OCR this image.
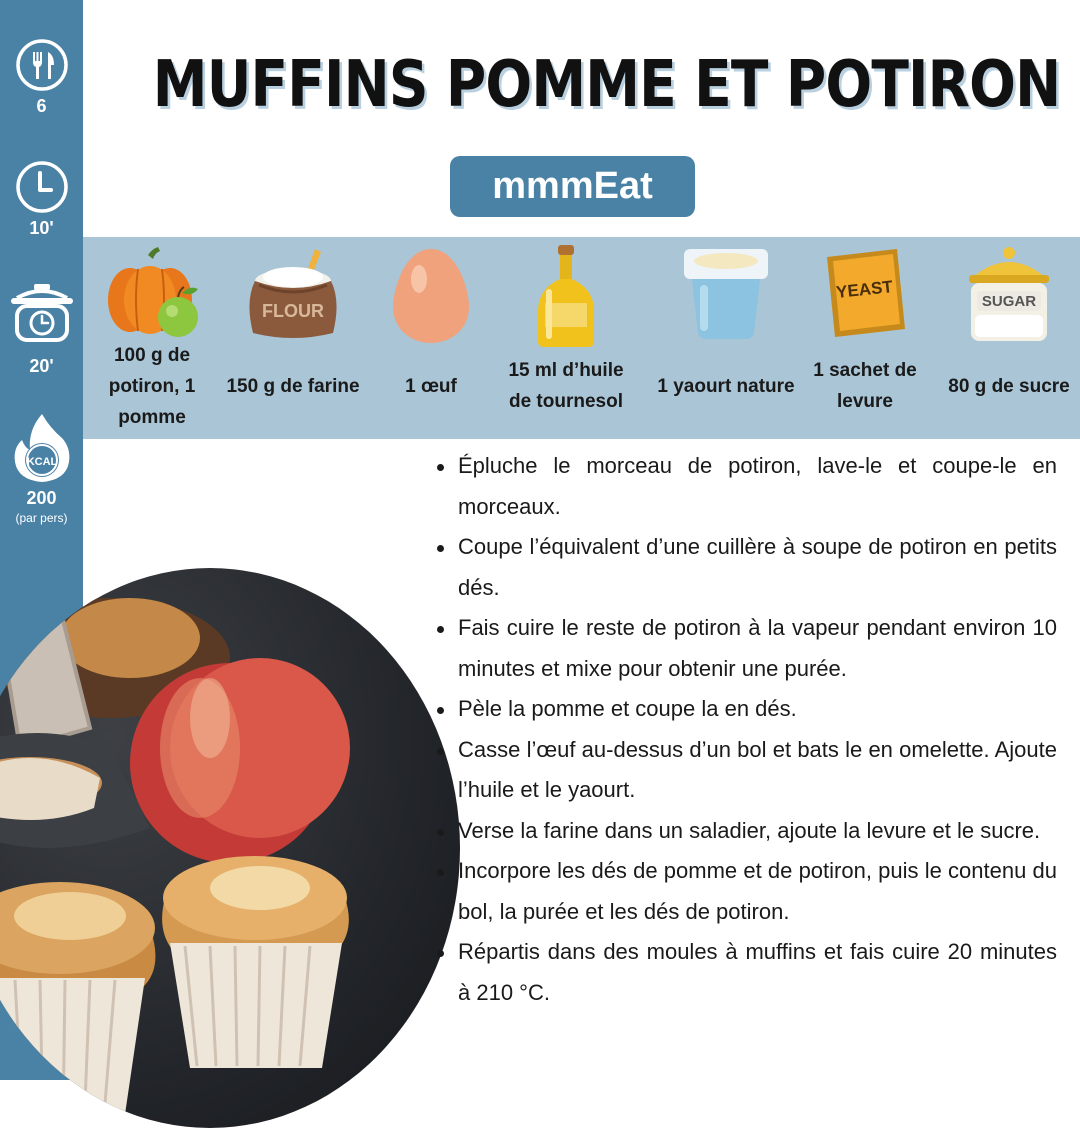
6
10'
20'
KCAL
200
(par pers)
MUFFINS POMME ET POTIRON
mmmEat
100 g de potiron, 1 pomme
FLOUR
150 g de farine	1 œuf
15 ml d’huile de tournesol
1 yaourt nature
YEAST
1 sachet de levure
SUGAR
80 g de sucre
Épluche le morceau de potiron, lave-le et coupe-le en morceaux.
Coupe l’équivalent d’une cuillère à soupe de potiron en petits dés.
Fais cuire le reste de potiron à la vapeur pendant environ 10 minutes et mixe pour obtenir une purée.
Pèle la pomme et coupe la en dés.
Casse l’œuf au-dessus d’un bol et bats le en omelette. Ajoute l’huile et le yaourt.
Verse la farine dans un saladier, ajoute la levure et le sucre.
Incorpore les dés de pomme et de potiron, puis le contenu du bol, la purée et les dés de potiron.
Répartis dans des moules à muffins et fais cuire 20 minutes à 210 °C.
